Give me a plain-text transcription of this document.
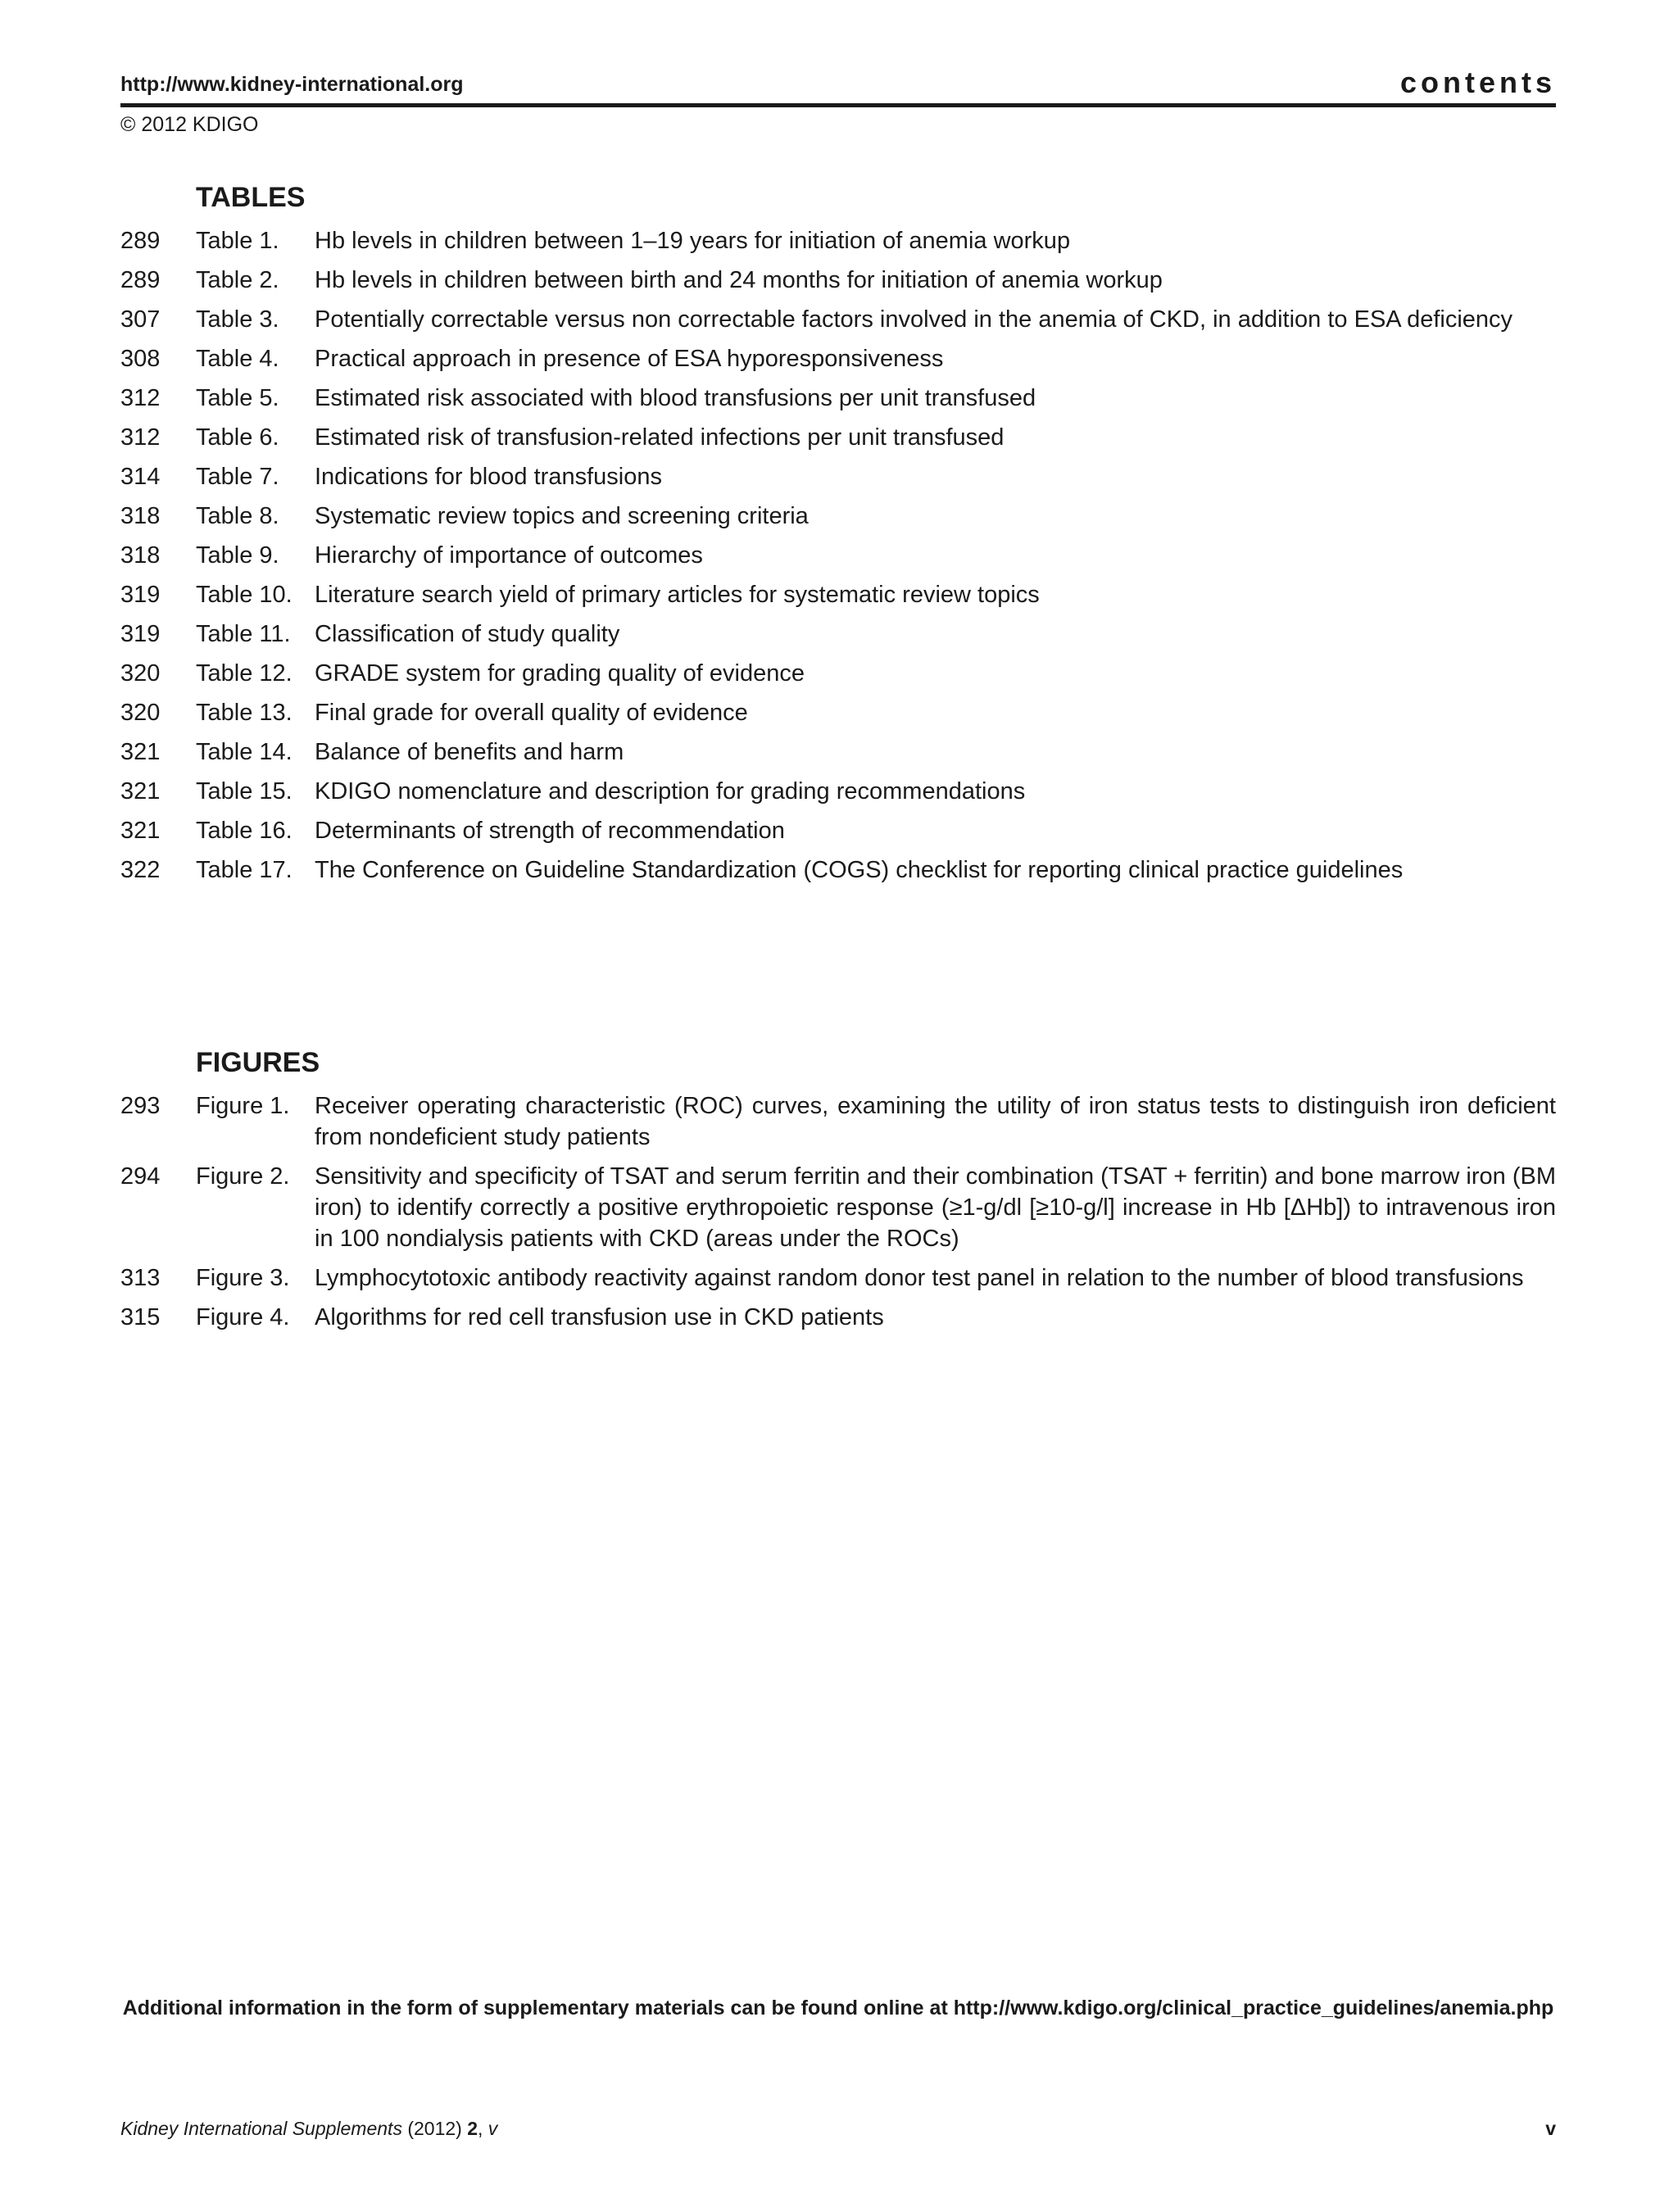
http://www.kidney-international.org	contents
© 2012 KDIGO
TABLES
289	Table 1.	Hb levels in children between 1–19 years for initiation of anemia workup
289	Table 2.	Hb levels in children between birth and 24 months for initiation of anemia workup
307	Table 3.	Potentially correctable versus non correctable factors involved in the anemia of CKD, in addition to ESA deficiency
308	Table 4.	Practical approach in presence of ESA hyporesponsiveness
312	Table 5.	Estimated risk associated with blood transfusions per unit transfused
312	Table 6.	Estimated risk of transfusion-related infections per unit transfused
314	Table 7.	Indications for blood transfusions
318	Table 8.	Systematic review topics and screening criteria
318	Table 9.	Hierarchy of importance of outcomes
319	Table 10. Literature search yield of primary articles for systematic review topics
319	Table 11.	Classification of study quality
320	Table 12. GRADE system for grading quality of evidence
320	Table 13. Final grade for overall quality of evidence
321	Table 14. Balance of benefits and harm
321	Table 15. KDIGO nomenclature and description for grading recommendations
321	Table 16. Determinants of strength of recommendation
322	Table 17. The Conference on Guideline Standardization (COGS) checklist for reporting clinical practice guidelines
FIGURES
293	Figure 1.	Receiver operating characteristic (ROC) curves, examining the utility of iron status tests to distinguish iron deficient from nondeficient study patients
294	Figure 2.	Sensitivity and specificity of TSAT and serum ferritin and their combination (TSAT + ferritin) and bone marrow iron (BM iron) to identify correctly a positive erythropoietic response (≥1-g/dl [≥10-g/l] increase in Hb [ΔHb]) to intravenous iron in 100 nondialysis patients with CKD (areas under the ROCs)
313	Figure 3.	Lymphocytotoxic antibody reactivity against random donor test panel in relation to the number of blood transfusions
315	Figure 4.	Algorithms for red cell transfusion use in CKD patients
Additional information in the form of supplementary materials can be found online at http://www.kdigo.org/clinical_practice_guidelines/anemia.php
Kidney International Supplements (2012) 2, v	v
